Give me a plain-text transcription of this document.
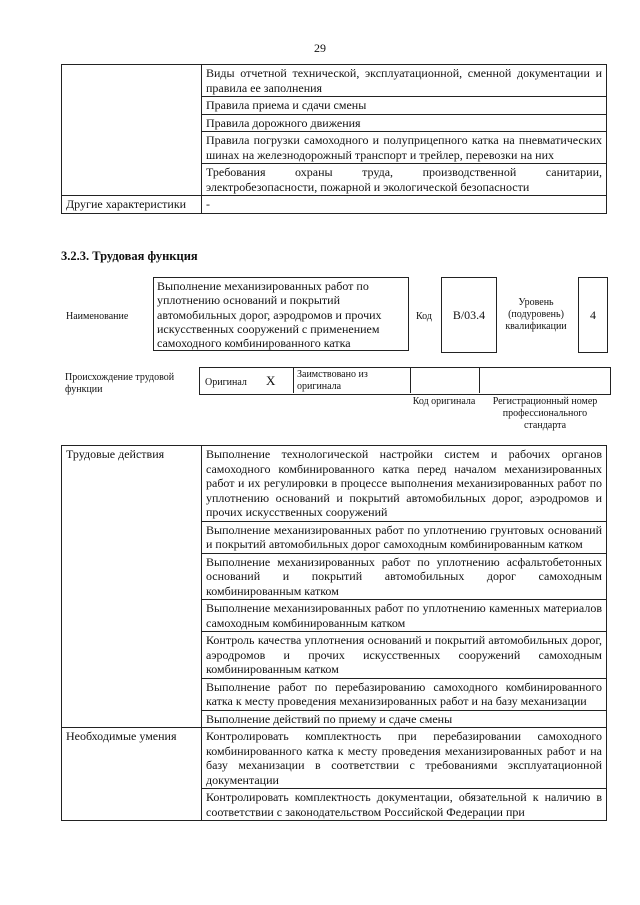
29
	Виды отчетной технической, эксплуатационной, сменной документации и правила ее заполнения
	Правила приема и сдачи смены
	Правила дорожного движения
	Правила погрузки самоходного и полуприцепного катка на пневматических шинах на железнодорожный транспорт и трейлер, перевозки на них
	Требования охраны труда, производственной санитарии, электробезопасности, пожарной и экологической безопасности
Другие характеристики	-
3.2.3. Трудовая функция
Наименование
Выполнение механизированных работ по уплотнению оснований и покрытий автомобильных дорог, аэродромов и прочих искусственных сооружений с применением самоходного комбинированного катка
Код	В/03.4
Уровень (подуровень) квалификации
4
Происхождение трудовой функции
Оригинал X Заимствовано из оригинала
Код оригинала	Регистрационный номер профессионального стандарта
Трудовые действия	Выполнение технологической настройки систем и рабочих органов самоходного комбинированного катка перед началом механизированных работ и их регулировки в процессе выполнения механизированных работ по уплотнению оснований и покрытий автомобильных дорог, аэродромов и прочих искусственных сооружений
	Выполнение механизированных работ по уплотнению грунтовых оснований и покрытий автомобильных дорог самоходным комбинированным катком
	Выполнение механизированных работ по уплотнению асфальтобетонных оснований и покрытий автомобильных дорог самоходным комбинированным катком
	Выполнение механизированных работ по уплотнению каменных материалов самоходным комбинированным катком
	Контроль качества уплотнения оснований и покрытий автомобильных дорог, аэродромов и прочих искусственных сооружений самоходным комбинированным катком
	Выполнение работ по перебазированию самоходного комбинированного катка к месту проведения механизированных работ и на базу механизации
	Выполнение действий по приему и сдаче смены
Необходимые умения	Контролировать комплектность при перебазировании самоходного комбинированного катка к месту проведения механизированных работ и на базу механизации в соответствии с требованиями эксплуатационной документации
	Контролировать комплектность документации, обязательной к наличию в соответствии с законодательством Российской Федерации при
